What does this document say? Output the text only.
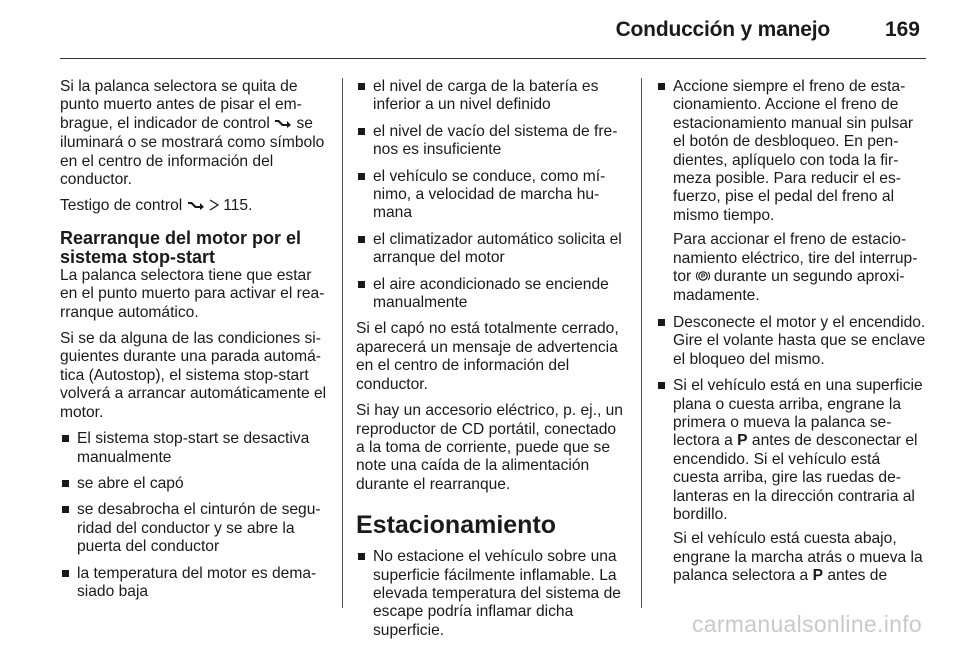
Conducción y manejo	169

Si la palanca selectora se quita de punto muerto antes de pisar el embrague, el indicador de control  se iluminará o se mostrará como símbolo en el centro de información del conductor.

Testigo de control   115.

Rearranque del motor por el sistema stop-start

La palanca selectora tiene que estar en el punto muerto para activar el rearranque automático.

Si se da alguna de las condiciones siguientes durante una parada automática (Autostop), el sistema stop-start volverá a arrancar automáticamente el motor.

El sistema stop-start se desactiva manualmente
se abre el capó
se desabrocha el cinturón de seguridad del conductor y se abre la puerta del conductor
la temperatura del motor es demasiado baja
el nivel de carga de la batería es inferior a un nivel definido
el nivel de vacío del sistema de frenos es insuficiente
el vehículo se conduce, como mínimo, a velocidad de marcha humana
el climatizador automático solicita el arranque del motor
el aire acondicionado se enciende manualmente

Si el capó no está totalmente cerrado, aparecerá un mensaje de advertencia en el centro de información del conductor.

Si hay un accesorio eléctrico, p. ej., un reproductor de CD portátil, conectado a la toma de corriente, puede que se note una caída de la alimentación durante el rearranque.

Estacionamiento
No estacione el vehículo sobre una superficie fácilmente inflamable. La elevada temperatura del sistema de escape podría inflamar dicha superficie.
Accione siempre el freno de estacionamiento. Accione el freno de estacionamiento manual sin pulsar el botón de desbloqueo. En pendientes, aplíquelo con toda la firmeza posible. Para reducir el esfuerzo, pise el pedal del freno al mismo tiempo.

Para accionar el freno de estacionamiento eléctrico, tire del interruptor  durante un segundo aproximadamente.

Desconecte el motor y el encendido. Gire el volante hasta que se enclave el bloqueo del mismo.
Si el vehículo está en una superficie plana o cuesta arriba, engrane la primera o mueva la palanca selectora a P antes de desconectar el encendido. Si el vehículo está cuesta arriba, gire las ruedas delanteras en la dirección contraria al bordillo.

Si el vehículo está cuesta abajo, engrane la marcha atrás o mueva la palanca selectora a P antes de

carmanualsonline.info
